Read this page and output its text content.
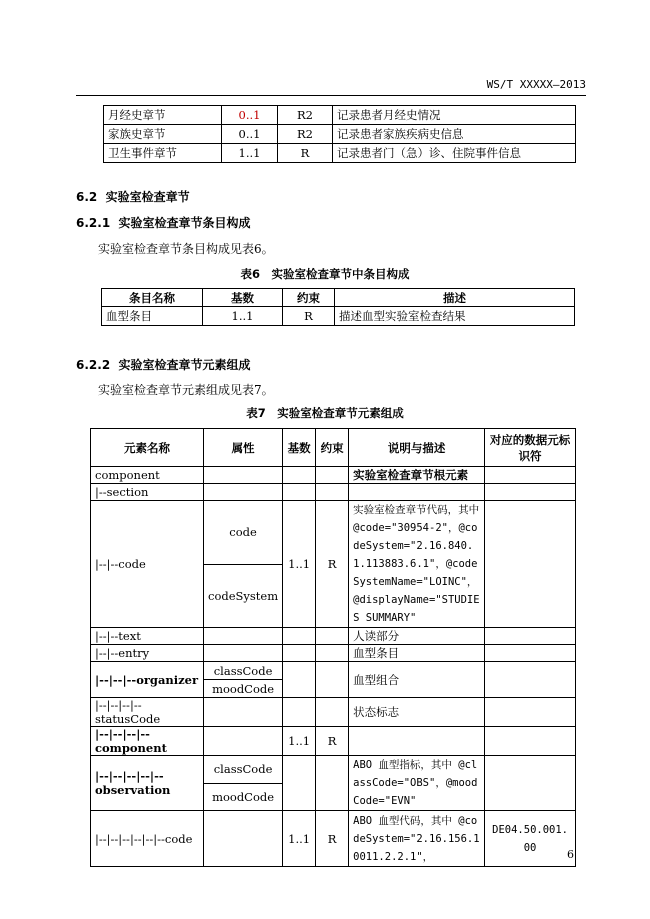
WS/T XXXXX—2013
月经史章节	0..1	R2	记录患者月经史情况
家族史章节	0..1	R2	记录患者家族疾病史信息
卫生事件章节	1..1	R	记录患者门（急）诊、住院事件信息
6.2 实验室检查章节
6.2.1 实验室检查章节条目构成
实验室检查章节条目构成见表6。
表6　实验室检查章节中条目构成
条目名称	基数	约束	描述
血型条目	1..1	R	描述血型实验室检查结果
6.2.2 实验室检查章节元素组成
实验室检查章节元素组成见表7。
表7　实验室检查章节元素组成
元素名称	属性	基数	约束	说明与描述	对应的数据元标识符
component				实验室检查章节根元素	
|--section					
|--|--code	code	1..1	R	实验室检查章节代码，其中 @code="30954-2"，@codeSystem="2.16.840.1.113883.6.1"，@codeSystemName="LOINC"，@displayName="STUDIES SUMMARY"	
	codeSystem				
|--|--text				人读部分	
|--|--entry				血型条目	
|--|--|--organizer	classCode			血型组合	
	moodCode				
|--|--|--|--statusCode				状态标志	
|--|--|--|--component		1..1	R		
|--|--|--|--|--observation	classCode			ABO 血型指标，其中 @classCode="OBS"，@moodCode="EVN"	
	moodCode				
|--|--|--|--|--|--code		1..1	R	ABO 血型代码，其中 @codeSystem="2.16.156.10011.2.2.1"，	DE04.50.001.00
6
